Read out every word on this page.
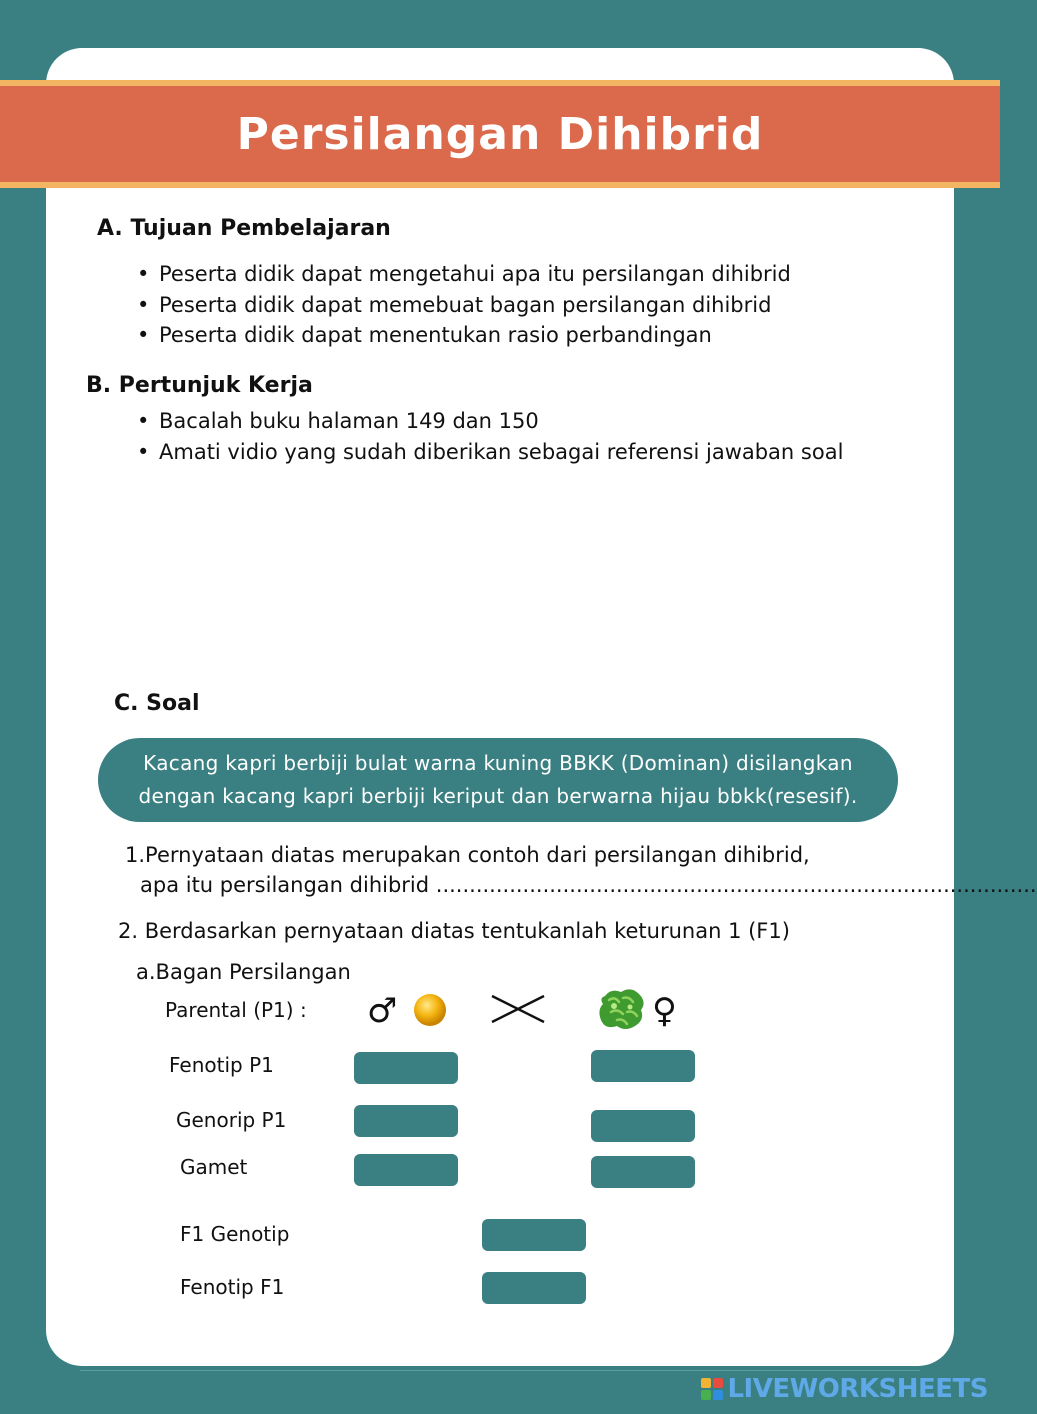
Persilangan Dihibrid
A. Tujuan Pembelajaran
• Peserta didik dapat mengetahui apa itu persilangan dihibrid
• Peserta didik dapat memebuat bagan persilangan dihibrid
• Peserta didik dapat menentukan rasio perbandingan
B. Pertunjuk Kerja
• Bacalah buku halaman 149 dan 150
• Amati vidio yang sudah diberikan sebagai referensi jawaban soal
C. Soal
Kacang kapri berbiji bulat warna kuning BBKK (Dominan) disilangkan
dengan kacang kapri berbiji keriput dan berwarna hijau bbkk(resesif).
1.Pernyataan diatas merupakan contoh dari persilangan dihibrid,
apa itu persilangan dihibrid ..........................................................................................
2. Berdasarkan pernyataan diatas tentukanlah keturunan 1 (F1)
a.Bagan Persilangan
Parental (P1) : ♂	♀
Fenotip P1
Genorip P1
Gamet
F1 Genotip
Fenotip F1
LIVEWORKSHEETS
